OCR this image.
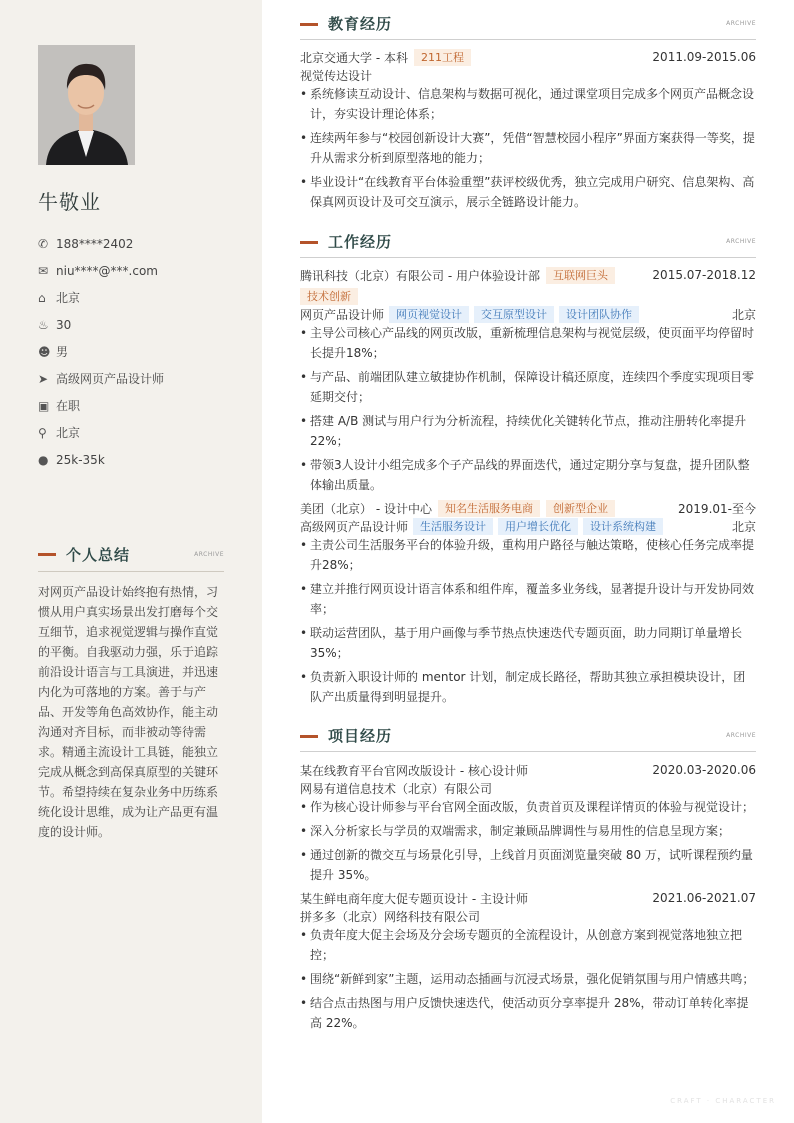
牛敬业
✆ 188****2402
✉ niu****@***.com
⌂ 北京
♨ 30
☻ 男
➤ 高级网页产品设计师
▣ 在职
⚲ 北京
● 25k-35k
个人总结	ARCHIVE

对网页产品设计始终抱有热情，习惯从用户真实场景出发打磨每个交互细节，追求视觉逻辑与操作直觉的平衡。自我驱动力强，乐于追踪前沿设计语言与工具演进，并迅速内化为可落地的方案。善于与产品、开发等角色高效协作，能主动沟通对齐目标，而非被动等待需求。精通主流设计工具链，能独立完成从概念到高保真原型的关键环节。希望持续在复杂业务中历练系统化设计思维，成为让产品更有温度的设计师。

教育经历	ARCHIVE
北京交通大学 - 本科	211工程	2011.09-2015.06
视觉传达设计
• 系统修读互动设计、信息架构与数据可视化，通过课堂项目完成多个网页产品概念设计，夯实设计理论体系；
• 连续两年参与“校园创新设计大赛”，凭借“智慧校园小程序”界面方案获得一等奖，提升从需求分析到原型落地的能力；
• 毕业设计“在线教育平台体验重塑”获评校级优秀，独立完成用户研究、信息架构、高保真网页设计及可交互演示，展示全链路设计能力。
工作经历	ARCHIVE
腾讯科技（北京）有限公司 - 用户体验设计部	互联网巨头	2015.07-2018.12
技术创新
网页产品设计师	网页视觉设计	交互原型设计	设计团队协作	北京
• 主导公司核心产品线的网页改版，重新梳理信息架构与视觉层级，使页面平均停留时长提升18%；
• 与产品、前端团队建立敏捷协作机制，保障设计稿还原度，连续四个季度实现项目零延期交付；
• 搭建 A/B 测试与用户行为分析流程，持续优化关键转化节点，推动注册转化率提升 22%；
• 带领3人设计小组完成多个子产品线的界面迭代，通过定期分享与复盘，提升团队整体输出质量。
美团（北京） - 设计中心	知名生活服务电商	创新型企业	2019.01-至今
高级网页产品设计师	生活服务设计	用户增长优化	设计系统构建	北京
• 主责公司生活服务平台的体验升级，重构用户路径与触达策略，使核心任务完成率提升28%；
• 建立并推行网页设计语言体系和组件库，覆盖多业务线，显著提升设计与开发协同效率；
• 联动运营团队，基于用户画像与季节热点快速迭代专题页面，助力同期订单量增长 35%；
• 负责新入职设计师的 mentor 计划，制定成长路径，帮助其独立承担模块设计，团队产出质量得到明显提升。
项目经历	ARCHIVE
某在线教育平台官网改版设计 - 核心设计师	2020.03-2020.06
网易有道信息技术（北京）有限公司
• 作为核心设计师参与平台官网全面改版，负责首页及课程详情页的体验与视觉设计；
• 深入分析家长与学员的双端需求，制定兼顾品牌调性与易用性的信息呈现方案；
• 通过创新的微交互与场景化引导，上线首月页面浏览量突破 80 万，试听课程预约量提升 35%。
某生鲜电商年度大促专题页设计 - 主设计师	2021.06-2021.07
拼多多（北京）网络科技有限公司
• 负责年度大促主会场及分会场专题页的全流程设计，从创意方案到视觉落地独立把控；
• 围绕“新鲜到家”主题，运用动态插画与沉浸式场景，强化促销氛围与用户情感共鸣；
• 结合点击热图与用户反馈快速迭代，使活动页分享率提升 28%，带动订单转化率提高 22%。
CRAFT · CHARACTER
